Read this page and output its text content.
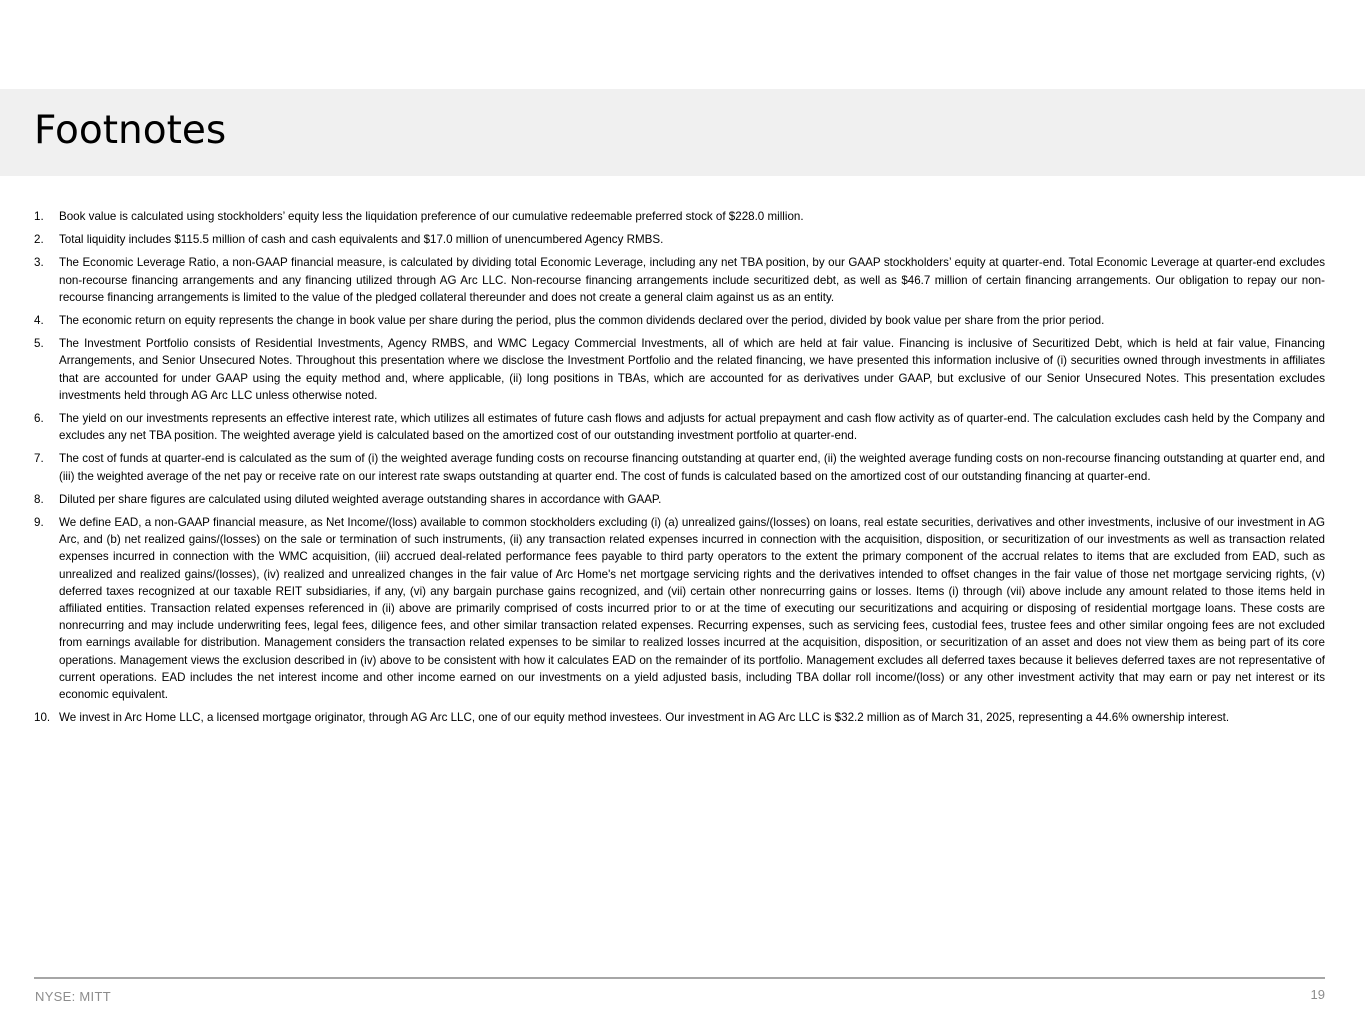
Footnotes
1.	Book value is calculated using stockholders’ equity less the liquidation preference of our cumulative redeemable preferred stock of $228.0 million.
2.	Total liquidity includes $115.5 million of cash and cash equivalents and $17.0 million of unencumbered Agency RMBS.
3.	The Economic Leverage Ratio, a non-GAAP financial measure, is calculated by dividing total Economic Leverage, including any net TBA position, by our GAAP stockholders’ equity at quarter-end. Total Economic Leverage at quarter-end excludes non-recourse financing arrangements and any financing utilized through AG Arc LLC. Non-recourse financing arrangements include securitized debt, as well as $46.7 million of certain financing arrangements. Our obligation to repay our non-recourse financing arrangements is limited to the value of the pledged collateral thereunder and does not create a general claim against us as an entity.
4.	The economic return on equity represents the change in book value per share during the period, plus the common dividends declared over the period, divided by book value per share from the prior period.
5.	The Investment Portfolio consists of Residential Investments, Agency RMBS, and WMC Legacy Commercial Investments, all of which are held at fair value. Financing is inclusive of Securitized Debt, which is held at fair value, Financing Arrangements, and Senior Unsecured Notes. Throughout this presentation where we disclose the Investment Portfolio and the related financing, we have presented this information inclusive of (i) securities owned through investments in affiliates that are accounted for under GAAP using the equity method and, where applicable, (ii) long positions in TBAs, which are accounted for as derivatives under GAAP, but exclusive of our Senior Unsecured Notes. This presentation excludes investments held through AG Arc LLC unless otherwise noted.
6.	The yield on our investments represents an effective interest rate, which utilizes all estimates of future cash flows and adjusts for actual prepayment and cash flow activity as of quarter-end. The calculation excludes cash held by the Company and excludes any net TBA position. The weighted average yield is calculated based on the amortized cost of our outstanding investment portfolio at quarter-end.
7.	The cost of funds at quarter-end is calculated as the sum of (i) the weighted average funding costs on recourse financing outstanding at quarter end, (ii) the weighted average funding costs on non-recourse financing outstanding at quarter end, and (iii) the weighted average of the net pay or receive rate on our interest rate swaps outstanding at quarter end. The cost of funds is calculated based on the amortized cost of our outstanding financing at quarter-end.
8.	Diluted per share figures are calculated using diluted weighted average outstanding shares in accordance with GAAP.
9.	We define EAD, a non-GAAP financial measure, as Net Income/(loss) available to common stockholders excluding (i) (a) unrealized gains/(losses) on loans, real estate securities, derivatives and other investments, inclusive of our investment in AG Arc, and (b) net realized gains/(losses) on the sale or termination of such instruments, (ii) any transaction related expenses incurred in connection with the acquisition, disposition, or securitization of our investments as well as transaction related expenses incurred in connection with the WMC acquisition, (iii) accrued deal-related performance fees payable to third party operators to the extent the primary component of the accrual relates to items that are excluded from EAD, such as unrealized and realized gains/(losses), (iv) realized and unrealized changes in the fair value of Arc Home's net mortgage servicing rights and the derivatives intended to offset changes in the fair value of those net mortgage servicing rights, (v) deferred taxes recognized at our taxable REIT subsidiaries, if any, (vi) any bargain purchase gains recognized, and (vii) certain other nonrecurring gains or losses. Items (i) through (vii) above include any amount related to those items held in affiliated entities. Transaction related expenses referenced in (ii) above are primarily comprised of costs incurred prior to or at the time of executing our securitizations and acquiring or disposing of residential mortgage loans. These costs are nonrecurring and may include underwriting fees, legal fees, diligence fees, and other similar transaction related expenses. Recurring expenses, such as servicing fees, custodial fees, trustee fees and other similar ongoing fees are not excluded from earnings available for distribution. Management considers the transaction related expenses to be similar to realized losses incurred at the acquisition, disposition, or securitization of an asset and does not view them as being part of its core operations. Management views the exclusion described in (iv) above to be consistent with how it calculates EAD on the remainder of its portfolio. Management excludes all deferred taxes because it believes deferred taxes are not representative of current operations. EAD includes the net interest income and other income earned on our investments on a yield adjusted basis, including TBA dollar roll income/(loss) or any other investment activity that may earn or pay net interest or its economic equivalent.
10. We invest in Arc Home LLC, a licensed mortgage originator, through AG Arc LLC, one of our equity method investees. Our investment in AG Arc LLC is $32.2 million as of March 31, 2025, representing a 44.6% ownership interest.
NYSE: MITT	19
